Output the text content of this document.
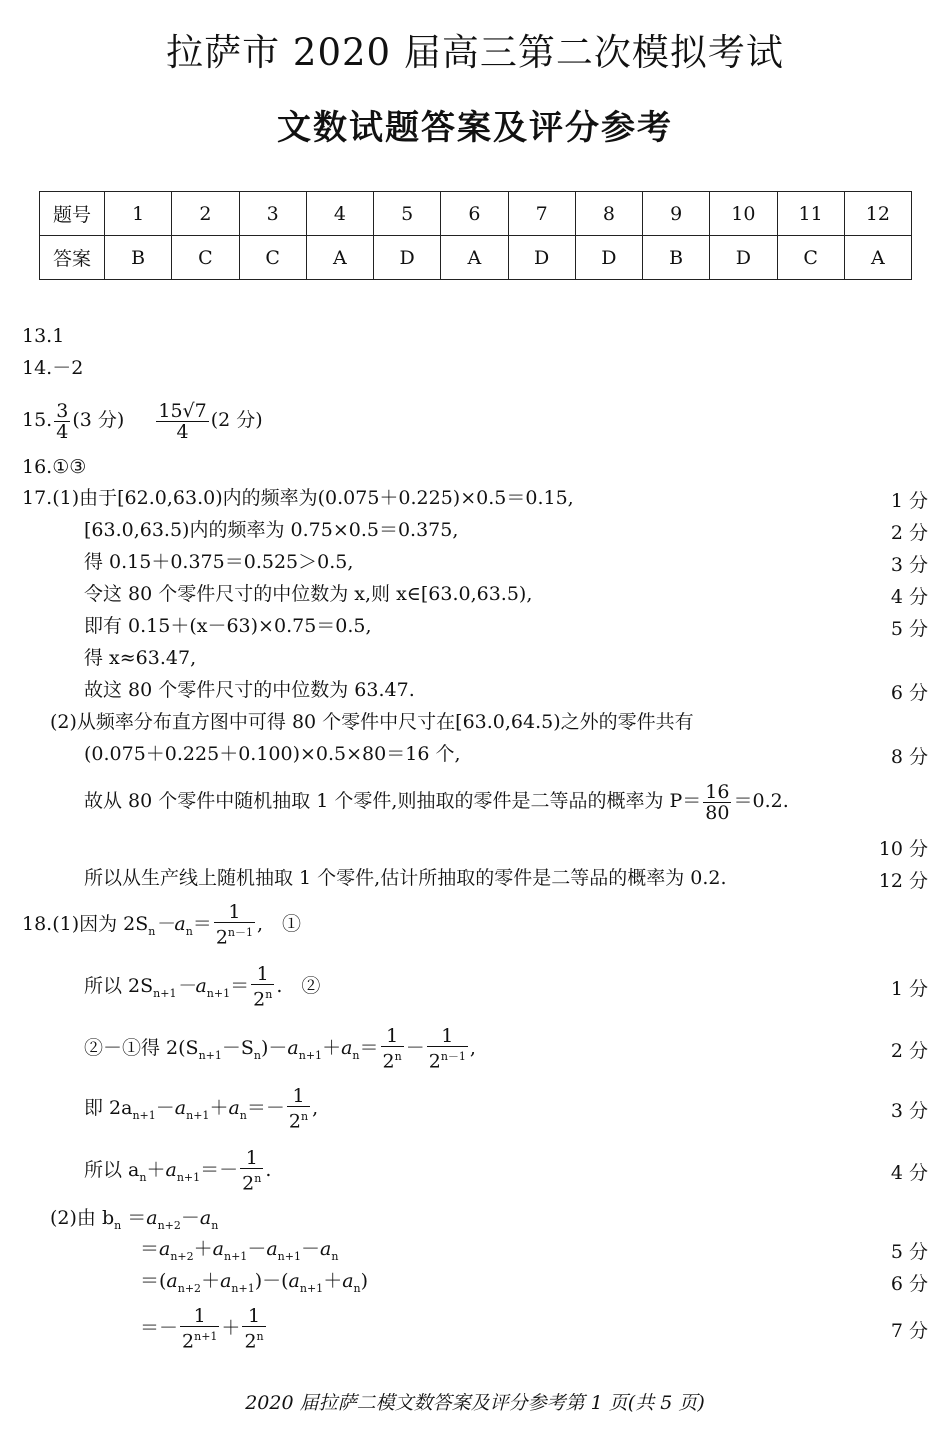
拉萨市 2020 届高三第二次模拟考试
文数试题答案及评分参考
题号	1	2	3	4	5	6	7	8	9	10	11	12
答案	B	C	C	A	D	A	D	D	B	D	C	A
13.1
14.－2
15. $\frac{3}{4} (3$ 分) $\frac{15√7}{4} (2$ 分)
16.①③
17.(1)由于[62.0,63.0)内的频率为(0.075＋0.225)×0.5＝0.15,	1 分
[63.0,63.5)内的频率为 0.75×0.5＝0.375,	2 分
得 0.15＋0.375＝0.525＞0.5,	3 分
令这 80 个零件尺寸的中位数为 x,则 x∈[63.0,63.5),	4 分
即有 0.15＋(x－63)×0.75＝0.5,	5 分
得 x≈63.47,
故这 80 个零件尺寸的中位数为 63.47.	6 分
(2)从频率分布直方图中可得 80 个零件中尺寸在[63.0,64.5)之外的零件共有
(0.075＋0.225＋0.100)×0.5×80＝16 个,	8 分
故从 80 个零件中随机抽取 1 个零件,则抽取的零件是二等品的概率为 $P= \frac{16}{80} =0.2$.
10 分
所以从生产线上随机抽取 1 个零件,估计所抽取的零件是二等品的概率为 0.2.	12 分
18.(1)因为 $2S_n-a_n= \frac{1}{2^{n-1}}$ ,　①
所以 $2S_{n+1}-a_{n+1}= \frac{1}{2^n}$ .　②	1 分
②－①得 $2(S_{n+1}-S_n)-a_{n+1}+a_n= \frac{1}{2^n} - \frac{1}{2^{n-1}}$ ,	2 分
即 $2a_{n+1}-a_{n+1}+a_n=- \frac{1}{2^n}$ ,	3 分
所以 $a_n+a_{n+1}=- \frac{1}{2^n}$ .	4 分
(2)由 $b_n =a_{n+2}-a_n$
$=a_{n+2}+a_{n+1}-a_{n+1}-a_n$	5 分
$=(a_{n+2}+a_{n+1})-(a_{n+1}+a_n)$	6 分
＝－ $\frac{1}{2^{n+1}} + \frac{1}{2^n}$	7 分
2020 届拉萨二模文数答案及评分参考第 1 页(共 5 页)
